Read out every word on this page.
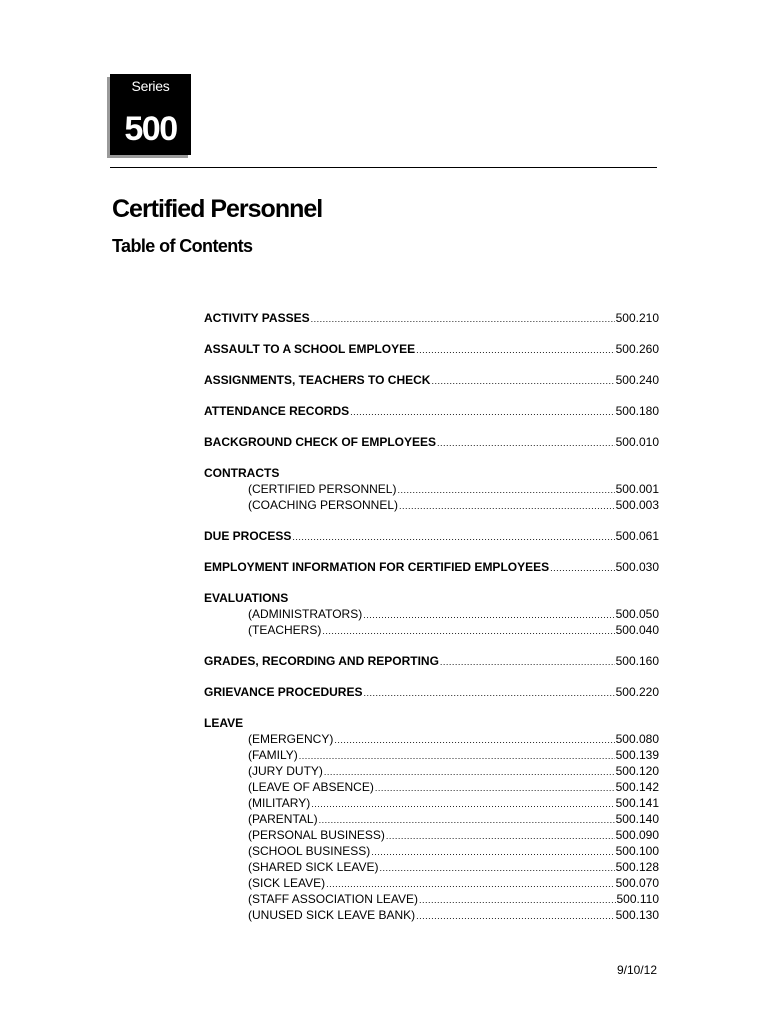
Series
500
Certified Personnel
Table of Contents
ACTIVITY PASSES .....	500.210
ASSAULT TO A SCHOOL EMPLOYEE .....	500.260
ASSIGNMENTS, TEACHERS TO CHECK .....	500.240
ATTENDANCE RECORDS .....	500.180
BACKGROUND CHECK OF EMPLOYEES .....	500.010
CONTRACTS
(CERTIFIED PERSONNEL) .....	500.001
(COACHING PERSONNEL) .....	500.003
DUE PROCESS .....	500.061
EMPLOYMENT INFORMATION FOR CERTIFIED EMPLOYEES .....	500.030
EVALUATIONS
(ADMINISTRATORS) .....	500.050
(TEACHERS) .....	500.040
GRADES, RECORDING AND REPORTING .....	500.160
GRIEVANCE PROCEDURES .....	500.220
LEAVE
(EMERGENCY) .....	500.080
(FAMILY) .....	500.139
(JURY DUTY) .....	500.120
(LEAVE OF ABSENCE) .....	500.142
(MILITARY) .....	500.141
(PARENTAL) .....	500.140
(PERSONAL BUSINESS) .....	500.090
(SCHOOL BUSINESS) .....	500.100
(SHARED SICK LEAVE) .....	500.128
(SICK LEAVE) .....	500.070
(STAFF ASSOCIATION LEAVE) .....	500.110
(UNUSED SICK LEAVE BANK) .....	500.130
9/10/12
